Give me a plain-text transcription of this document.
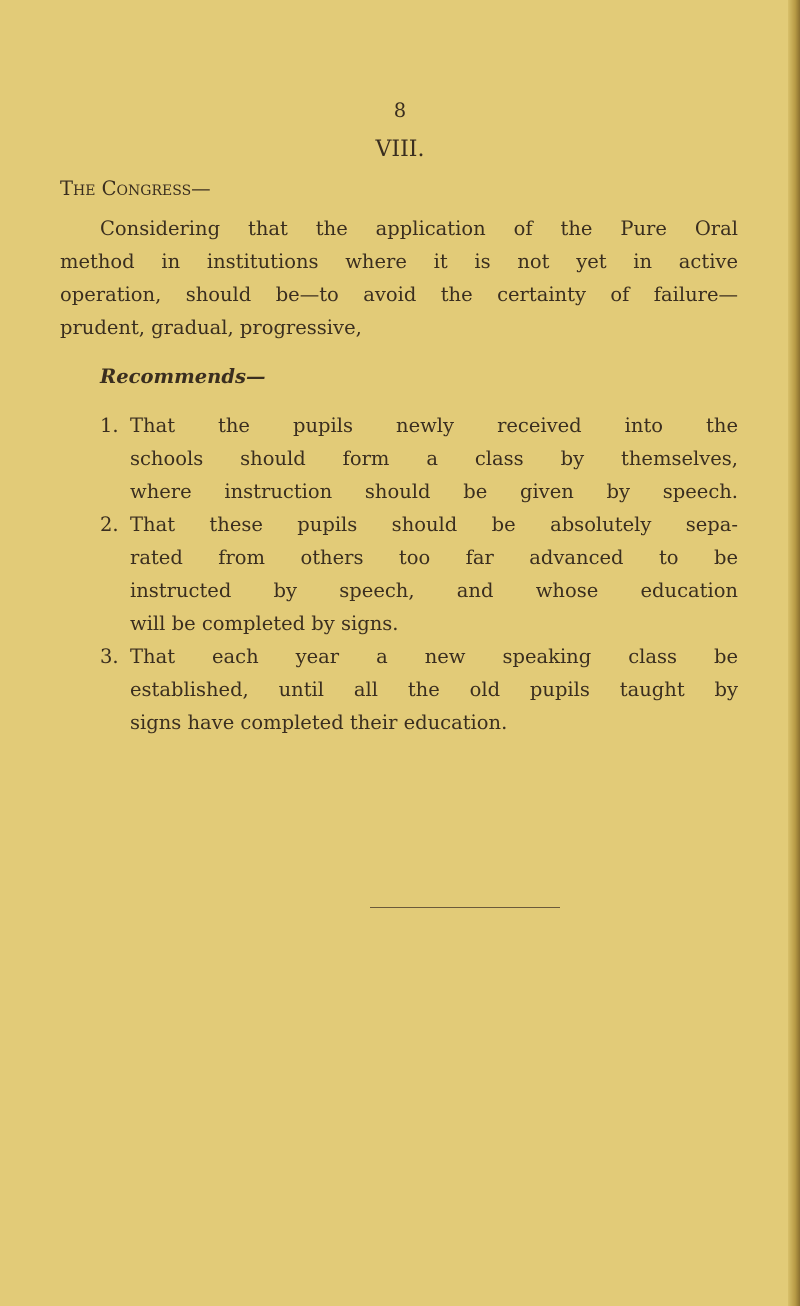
8
VIII.
The Congress—
Considering that the application of the Pure Oral
method in institutions where it is not yet in active
operation, should be—to avoid the certainty of failure—
prudent, gradual, progressive,
Recommends—
1. That the pupils newly received into the
schools should form a class by themselves,
where instruction should be given by speech.
2. That these pupils should be absolutely sepa-
rated from others too far advanced to be
instructed by speech, and whose education
will be completed by signs.
3. That each year a new speaking class be
established, until all the old pupils taught by
signs have completed their education.
